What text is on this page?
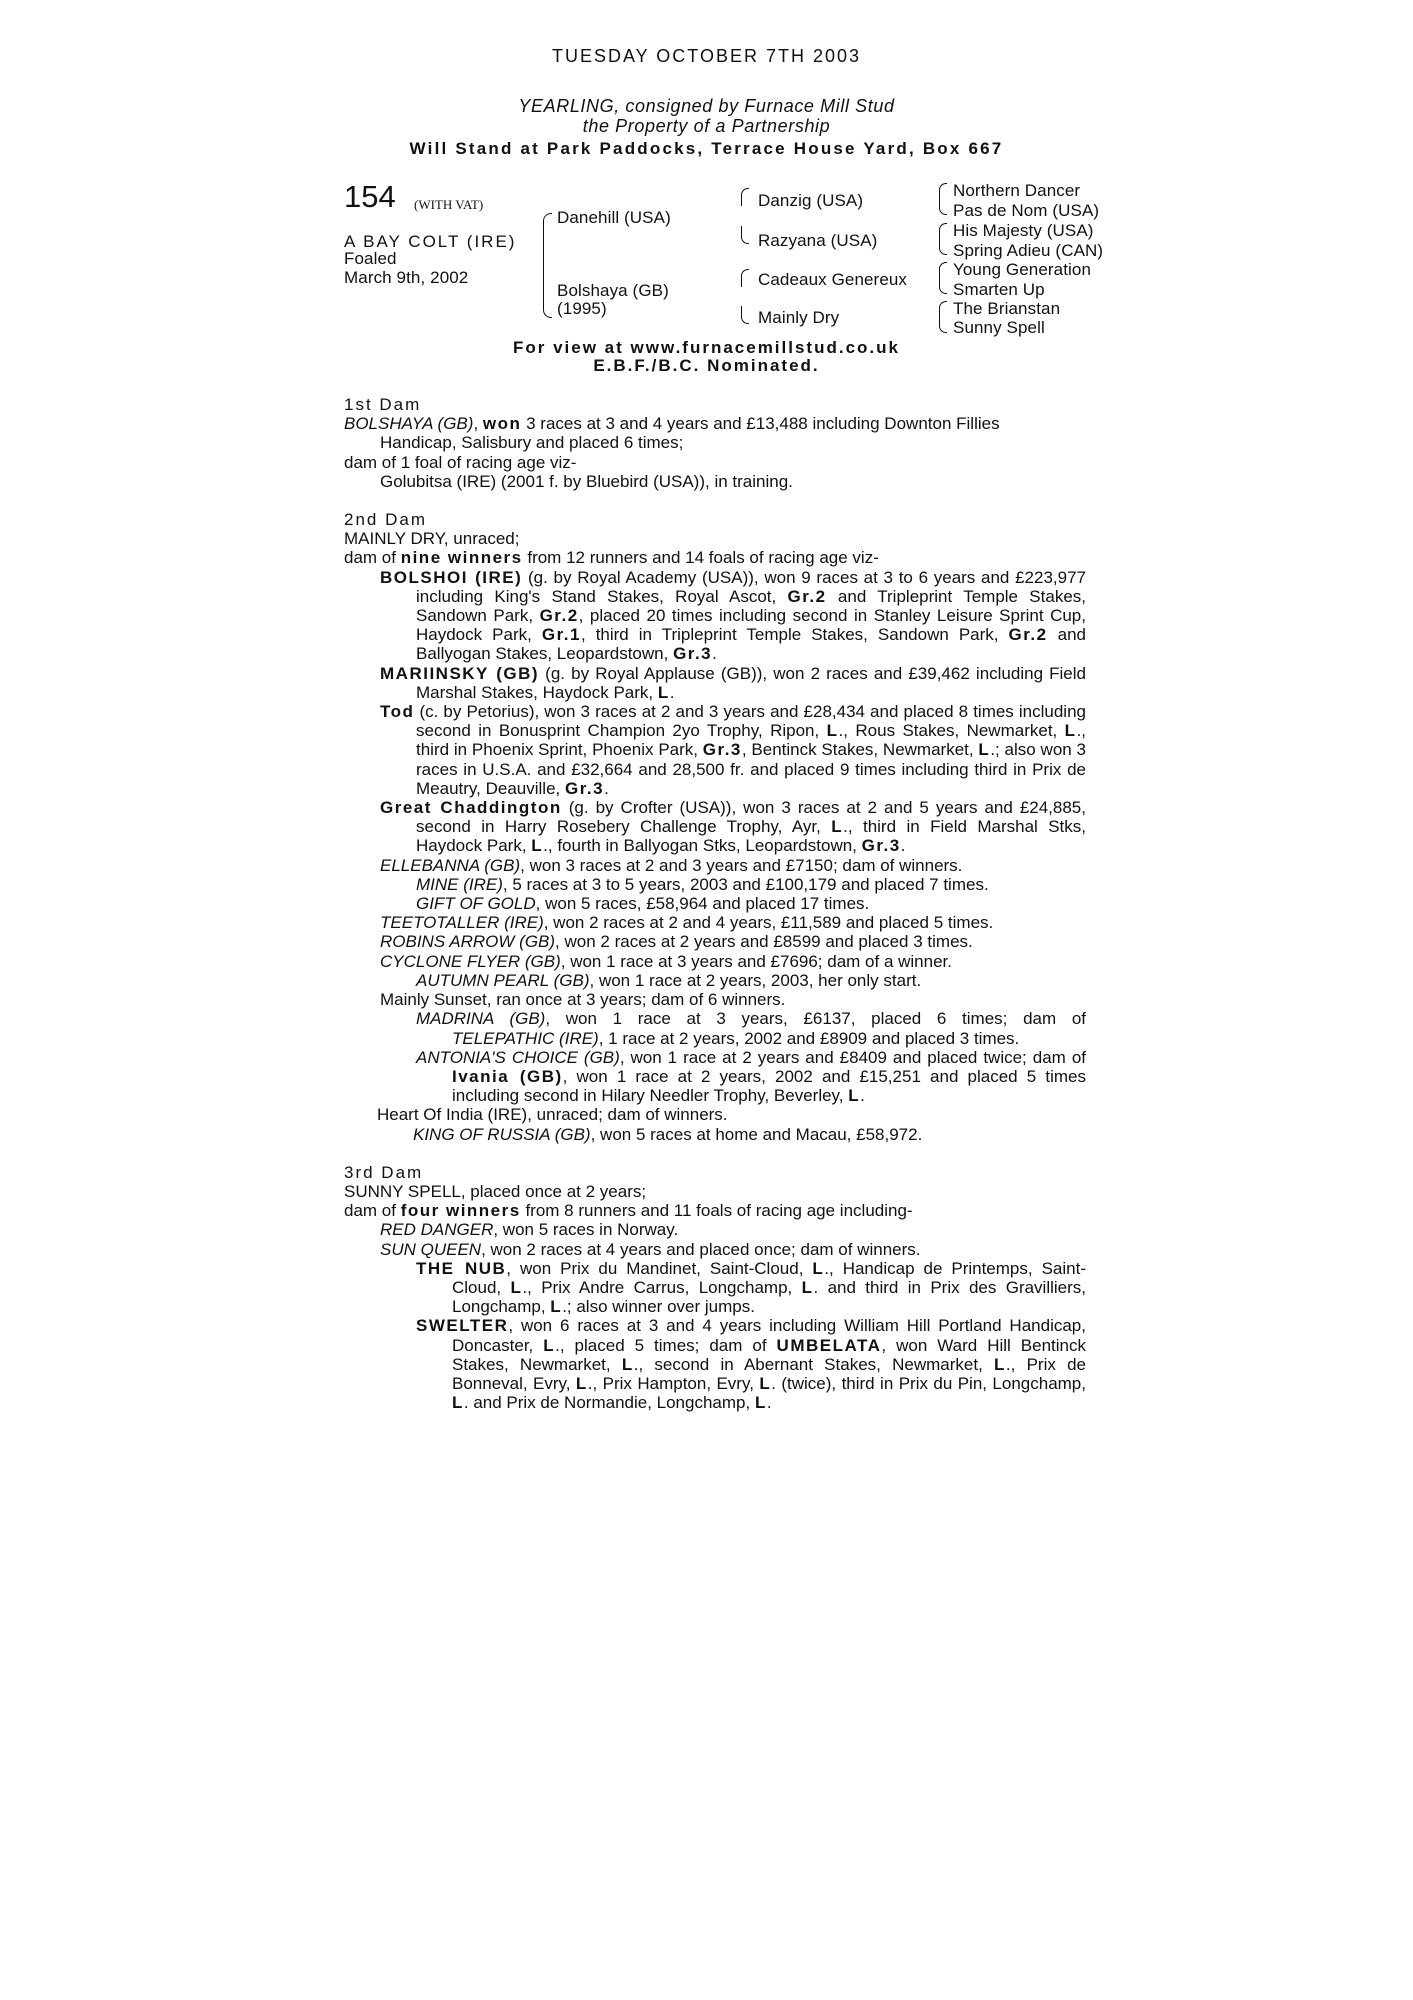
TUESDAY OCTOBER 7TH 2003
YEARLING, consigned by Furnace Mill Stud
the Property of a Partnership
Will Stand at Park Paddocks, Terrace House Yard, Box 667
154 (WITH VAT)
A BAY COLT (IRE)
Foaled
March 9th, 2002
Danehill (USA)
Bolshaya (GB)
(1995)
Danzig (USA)
Razyana (USA)
Cadeaux Genereux
Mainly Dry
Northern Dancer
Pas de Nom (USA)
His Majesty (USA)
Spring Adieu (CAN)
Young Generation
Smarten Up
The Brianstan
Sunny Spell
For view at www.furnacemillstud.co.uk
E.B.F./B.C. Nominated.

1st Dam

BOLSHAYA (GB), won 3 races at 3 and 4 years and £13,488 including Downton Fillies

Handicap, Salisbury and placed 6 times;

dam of 1 foal of racing age viz-

Golubitsa (IRE) (2001 f. by Bluebird (USA)), in training.

2nd Dam

MAINLY DRY, unraced;

dam of nine winners from 12 runners and 14 foals of racing age viz-

BOLSHOI (IRE) (g. by Royal Academy (USA)), won 9 races at 3 to 6 years and £223,977 including King's Stand Stakes, Royal Ascot, Gr.2 and Tripleprint Temple Stakes, Sandown Park, Gr.2, placed 20 times including second in Stanley Leisure Sprint Cup, Haydock Park, Gr.1, third in Tripleprint Temple Stakes, Sandown Park, Gr.2 and Ballyogan Stakes, Leopardstown, Gr.3.

MARIINSKY (GB) (g. by Royal Applause (GB)), won 2 races and £39,462 including Field Marshal Stakes, Haydock Park, L.

Tod (c. by Petorius), won 3 races at 2 and 3 years and £28,434 and placed 8 times including second in Bonusprint Champion 2yo Trophy, Ripon, L., Rous Stakes, Newmarket, L., third in Phoenix Sprint, Phoenix Park, Gr.3, Bentinck Stakes, Newmarket, L.; also won 3 races in U.S.A. and £32,664 and 28,500 fr. and placed 9 times including third in Prix de Meautry, Deauville, Gr.3.

Great Chaddington (g. by Crofter (USA)), won 3 races at 2 and 5 years and £24,885, second in Harry Rosebery Challenge Trophy, Ayr, L., third in Field Marshal Stks, Haydock Park, L., fourth in Ballyogan Stks, Leopardstown, Gr.3.

ELLEBANNA (GB), won 3 races at 2 and 3 years and £7150; dam of winners.

MINE (IRE), 5 races at 3 to 5 years, 2003 and £100,179 and placed 7 times.

GIFT OF GOLD, won 5 races, £58,964 and placed 17 times.

TEETOTALLER (IRE), won 2 races at 2 and 4 years, £11,589 and placed 5 times.

ROBINS ARROW (GB), won 2 races at 2 years and £8599 and placed 3 times.

CYCLONE FLYER (GB), won 1 race at 3 years and £7696; dam of a winner.

AUTUMN PEARL (GB), won 1 race at 2 years, 2003, her only start.

Mainly Sunset, ran once at 3 years; dam of 6 winners.

MADRINA (GB), won 1 race at 3 years, £6137, placed 6 times; dam of

TELEPATHIC (IRE), 1 race at 2 years, 2002 and £8909 and placed 3 times.

ANTONIA'S CHOICE (GB), won 1 race at 2 years and £8409 and placed twice; dam of Ivania (GB), won 1 race at 2 years, 2002 and £15,251 and placed 5 times including second in Hilary Needler Trophy, Beverley, L.

Heart Of India (IRE), unraced; dam of winners.

KING OF RUSSIA (GB), won 5 races at home and Macau, £58,972.

3rd Dam

SUNNY SPELL, placed once at 2 years;

dam of four winners from 8 runners and 11 foals of racing age including-

RED DANGER, won 5 races in Norway.

SUN QUEEN, won 2 races at 4 years and placed once; dam of winners.

THE NUB, won Prix du Mandinet, Saint-Cloud, L., Handicap de Printemps, Saint-Cloud, L., Prix Andre Carrus, Longchamp, L. and third in Prix des Gravilliers, Longchamp, L.; also winner over jumps.

SWELTER, won 6 races at 3 and 4 years including William Hill Portland Handicap, Doncaster, L., placed 5 times; dam of UMBELATA, won Ward Hill Bentinck Stakes, Newmarket, L., second in Abernant Stakes, Newmarket, L., Prix de Bonneval, Evry, L., Prix Hampton, Evry, L. (twice), third in Prix du Pin, Longchamp, L. and Prix de Normandie, Longchamp, L.
